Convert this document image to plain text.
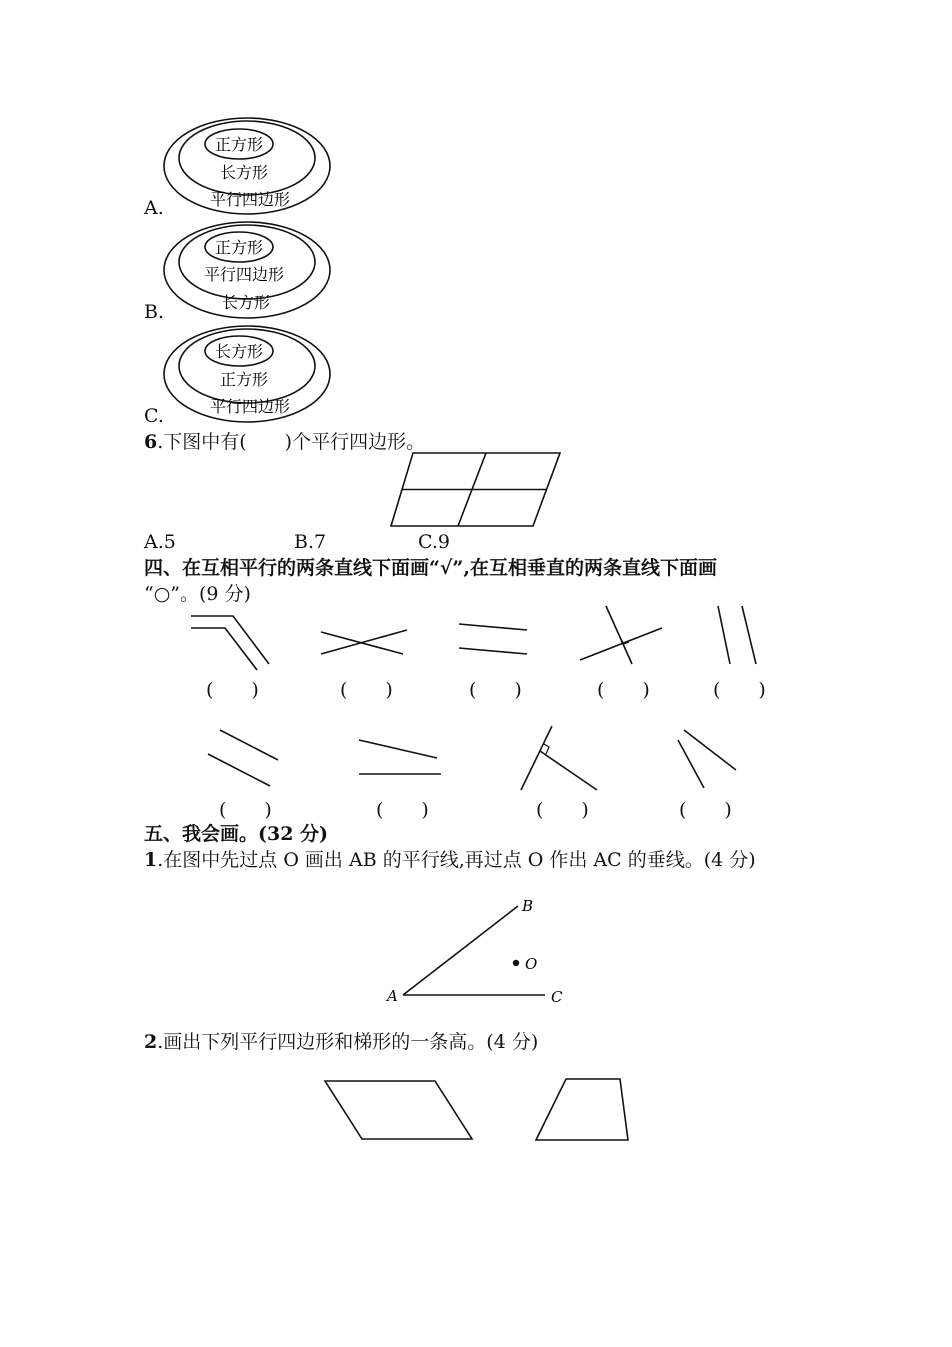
A.
正方形
长方形
平行四边形
B.
正方形
平行四边形
长方形
C.
长方形
正方形
平行四边形
6.下图中有(　　)个平行四边形。
A.5	B.7	C.9
四、在互相平行的两条直线下面画“√”,在互相垂直的两条直线下面画
“○”。(9 分)
(　　)	(　　)	(　　)	(　　)	(　　)
(　　)	(　　)	(　　)	(　　)
五、我会画。(32 分)
1.在图中先过点 O 画出 AB 的平行线,再过点 O 作出 AC 的垂线。(4 分)
B
O
A	C
2.画出下列平行四边形和梯形的一条高。(4 分)
